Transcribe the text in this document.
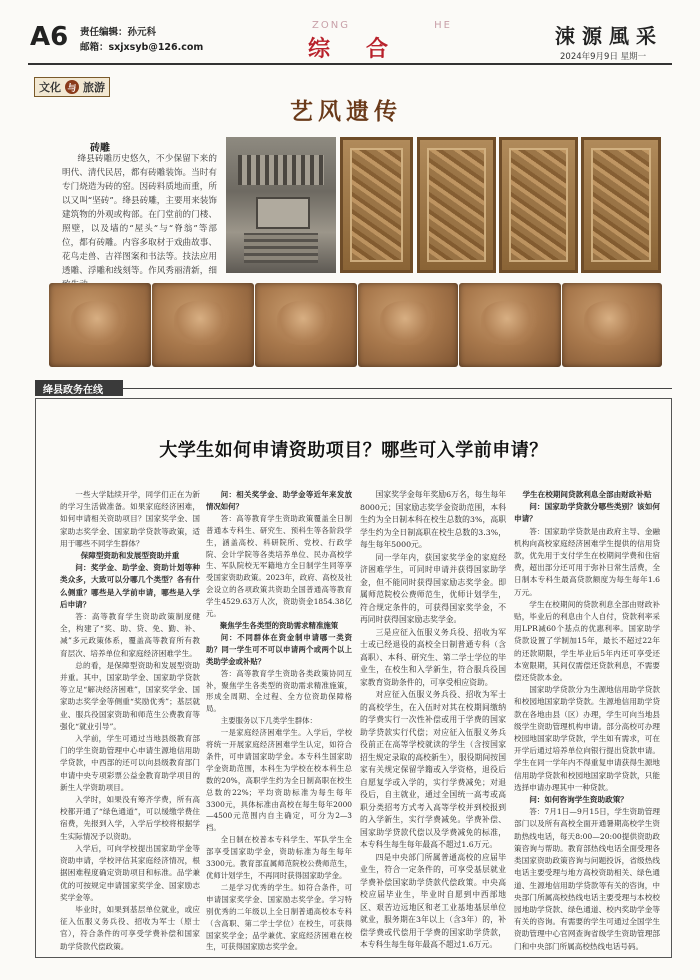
A6 责任编辑：孙元科
邮箱：sxjxsyb@126.com
ZONG	HE
综合	涑源風采
2024年9月9日 星期一
文化 与 旅游
艺风遗传
砖雕
绛县砖雕历史悠久，不少保留下来的明代、清代民居，都有砖雕装饰。当时有专门烧造为砖的窑。因砖料质地而重，所以又叫“坚砖”。绛县砖雕，主要用来装饰建筑物的外观或构部。在门堂前的门楼、照壁，以及墙的“屋头”与“脊翁”等部位，都有砖雕。内容多取材于戏曲故事、花鸟走兽、吉祥图案和书法等。技法应用透雕、浮雕和线刻等。作风秀丽清新，细
绛县政务在线
大学生如何申请资助项目？哪些可入学前申请？

一些大学陆续开学，同学们正在为新的学习生活做准备。如果家庭经济困难，如何申请相关资助项目？国家奖学金、国家助志奖学金、国家助学贷款等政策，适用于哪些不同学生群体？

保障型资助和发展型资助并重

问：奖学金、助学金、资助计划等种类众多，大致可以分哪几个类型？各有什么侧重？哪些是入学前申请，哪些是入学后申请？

答：高等教育学生资助政策制度健全，构建了“奖、助、贷、免、勤、补、减”多元政策体系，覆盖高等教育所有教育层次、培养单位和家庭经济困难学生。

总的看，是保障型资助和发展型资助并重。其中，国家助学金、国家助学贷款等立足“解决经济困难”，国家奖学金、国家助志奖学金等侧重“奖励优秀”；基层就业、服兵役国家资助和师范生公费教育等强化“就业引导”。

入学前，学生可通过当地县级教育部门的学生资助管理中心申请生源地信用助学贷款，中西部的还可以向县级教育部门申请中央专项彩票公益金教育助学项目的新生人学资助项目。

入学时，如果没有筹齐学费，所有高校都开通了“绿色通道”，可以缓缴学费住宿费，先报到入学，入学后学校将根据学生实际情况予以资助。

入学后，可向学校提出国家助学金等资助申请，学校评估其家庭经济情况，根据困难程度确定资助项目和标准。品学兼优的可按规定申请国家奖学金、国家励志奖学金等。

毕业时，如果到基层单位就业，或应征入伍服义务兵役、招收为军士（原士官），符合条件的可享受学费补偿和国家助学贷款代偿政策。

问：相关奖学金、助学金等近年来发放情况如何？

答：高等教育学生资助政策覆盖全日制普通本专科生、研究生、预科生等各阶段学生，涵盖高校、科研院所、党校、行政学院、会计学院等各类培养单位、民办高校学生、军队院校无军籍地方全日制学生同等享受国家资助政策。2023年，政府、高校及社会设立的各项政策共资助全国普通高等教育学生4529.63万人次，资助资金1854.38亿元。

聚焦学生各类型的资助需求精准施策

问：不同群体在资金制申请哪一类资助？同一学生可不可以申请两个或两个以上类助学金或补贴？

答：高等教育学生资助各类政策协同互补，聚焦学生各类型的资助需求精准施策，形成全周期、全过程、全方位资助保障格局。

主要服务以下几类学生群体：

一是家庭经济困难学生。入学后，学校将统一开展家庭经济困难学生认定，如符合条件，可申请国家助学金。本专科生国家助学金资助范围，本科生为学校在校本科生总数的20%，高职学生约为全日制高职在校生总数的22%；平均资助标准为每生每年3300元，具体标准由高校在每生每年2000—4500元范围内自主确定，可分为2—3档。

全日制在校普本专科学生、军队学生全部享受国家助学金，资助标准为每生每年3300元。教育部直属师范院校公费师范生，优师计划学生，不再同时获得国家助学金。

二是学习优秀的学生。如符合条件，可申请国家奖学金、国家励志奖学金。学习特别优秀的二年级以上全日制普通高校本专科（含高职、第二学士学位）在校生，可获得国家奖学金；品学兼优、家庭经济困难在校生，可获得国家励志奖学金。

国家奖学金每年奖励6万名，每生每年8000元；国家励志奖学金资助范围，本科生约为全日制本科在校生总数的3%，高职学生约为全日制高职在校生总数的3.3%，每生每年5000元。

同一学年内，获国家奖学金的家庭经济困难学生，可同时申请并获得国家助学金，但不能同时获得国家励志奖学金。即属师范院校公费师范生，优师计划学生，符合规定条件的，可获得国家奖学金，不再同时获得国家励志奖学金。

三是应征入伍服义务兵役、招收为军士或已经退役的高校全日制普通专科（含高职）、本科、研究生、第二学士学位的毕业生，在校生和入学新生，符合服兵役国家教育资助条件的，可享受相应资助。

对应征入伍服义务兵役、招收为军士的高校学生，在入伍时对其在校期间缴纳的学费实行一次性补偿或用于学费的国家助学贷款实行代偿；对应征入伍服义务兵役前正在高等学校就读的学生（含按国家招生规定录取的高校新生），服役期间按国家有关规定保留学籍或入学资格，退役后自愿复学或入学的，实行学费减免；对退役后，自主就业，通过全国统一高考或高职分类招考方式考入高等学校并到校报到的入学新生，实行学费减免。学费补偿、国家助学贷款代偿以及学费减免的标准，本专科生每生每年最高不超过1.6万元。

四是中央部门所属普通高校的应届毕业生，符合一定条件的，可享受基层就业学费补偿国家助学贷款代偿政策。中央高校应届毕业生，毕业时自愿到中西部地区、艰苦边远地区和老工业基地基层单位就业，服务期在3年以上（含3年）的，补偿学费或代偿用于学费的国家助学贷款，本专科生每生每年最高不超过1.6万元。

学生在校期间贷款利息全部由财政补贴

问：国家助学贷款分哪些类别？该如何申请？

答：国家助学贷款是由政府主导、金融机构向高校家庭经济困难学生提供的信用贷款，优先用于支付学生在校期间学费和住宿费，超出部分还可用于弥补日常生活费，全日制本专科生最高贷款额度为每生每年1.6万元。

学生在校期间的贷款利息全部由财政补贴，毕业后的利息由个人自付，贷款利率采用LPR减60个基点的优惠利率。国家助学贷款设置了学制加15年，最长不超过22年的还款期限，学生毕业后5年内还可享受还本宽限期，其间仅需偿还贷款利息，不需要偿还贷款本金。

国家助学贷款分为生源地信用助学贷款和校园地国家助学贷款。生源地信用助学贷款在各地由县（区）办理，学生可向当地县级学生资助管理机构申请。部分高校可办理校园地国家助学贷款，学生如有需求，可在开学后通过培养单位向银行提出贷款申请。学生在同一学年内不得重复申请获得生源地信用助学贷款和校园地国家助学贷款，只能选择申请办理其中一种贷款。

问：如何咨询学生资助政策？

答：7月1日—9月15日，学生资助管理部门以及所有高校全面开通暑期高校学生资助热线电话，每天8:00—20:00提供资助政策咨询与帮助。教育部热线电话全面受理各类国家资助政策咨询与问题投诉，省级热线电话主要受理与地方高校资助相关、绿色通道、生源地信用助学贷款等有关的咨询，中央部门所属高校热线电话主要受理与本校校园地助学贷款、绿色通道、校内奖助学金等有关的咨询。有需要的学生可通过全国学生资助管理中心官网查询省级学生资助管理部门和中央部门所属高校热线电话号码。
